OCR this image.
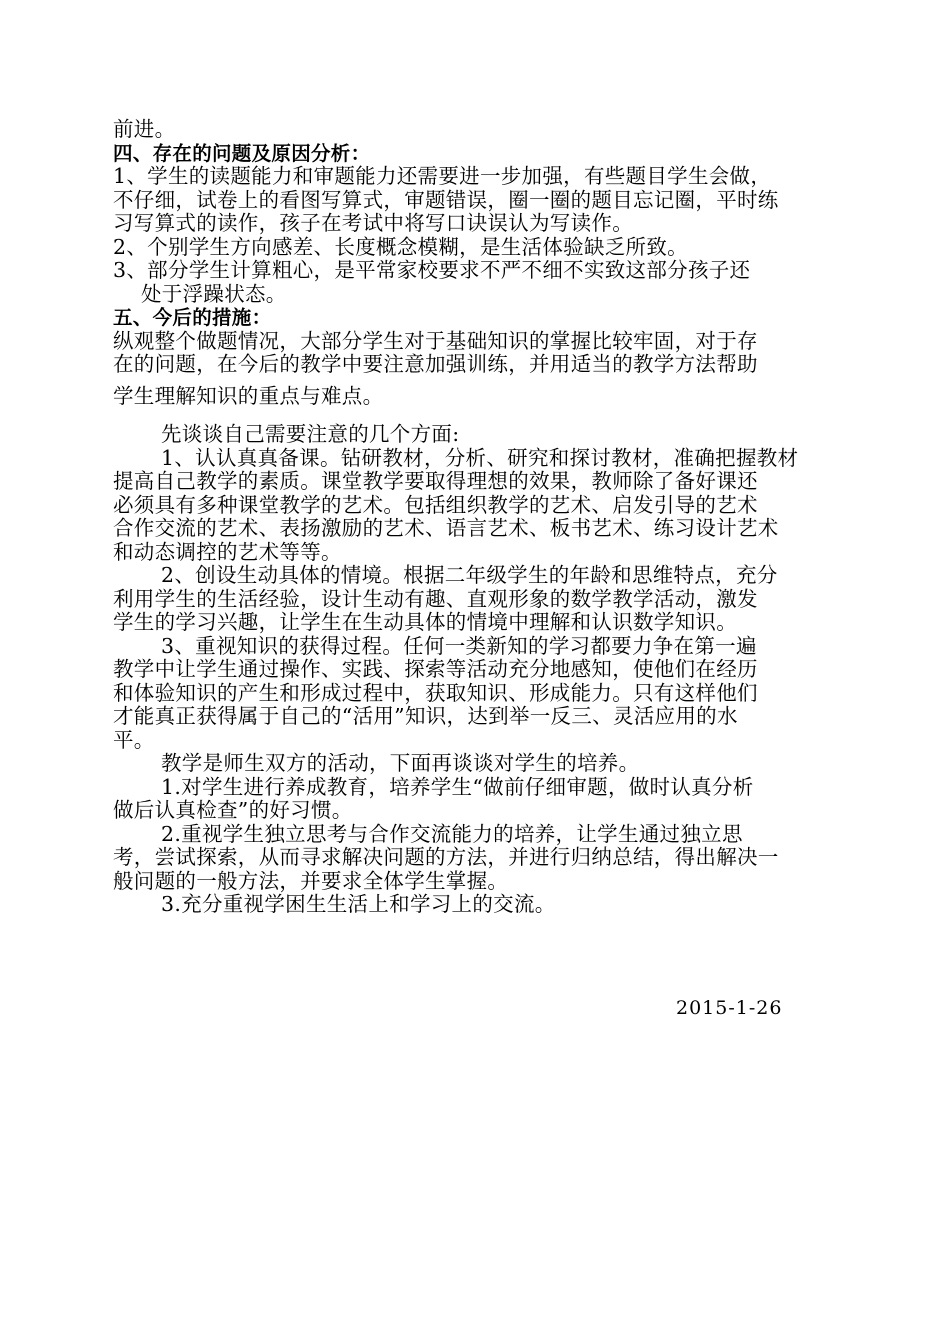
前进。
四、存在的问题及原因分析：
1、学生的读题能力和审题能力还需要进一步加强，有些题目学生会做，
不仔细，试卷上的看图写算式，审题错误，圈一圈的题目忘记圈，平时练
习写算式的读作，孩子在考试中将写口诀误认为写读作。
2、个别学生方向感差、长度概念模糊，是生活体验缺乏所致。
3、部分学生计算粗心，是平常家校要求不严不细不实致这部分孩子还
处于浮躁状态。
五、今后的措施：
纵观整个做题情况，大部分学生对于基础知识的掌握比较牢固，对于存
在的问题，在今后的教学中要注意加强训练，并用适当的教学方法帮助
学生理解知识的重点与难点。
先谈谈自己需要注意的几个方面:
1、认认真真备课。钻研教材，分析、研究和探讨教材，准确把握教材
提高自己教学的素质。课堂教学要取得理想的效果，教师除了备好课还
必须具有多种课堂教学的艺术。包括组织教学的艺术、启发引导的艺术
合作交流的艺术、表扬激励的艺术、语言艺术、板书艺术、练习设计艺术
和动态调控的艺术等等。
2、创设生动具体的情境。根据二年级学生的年龄和思维特点，充分
利用学生的生活经验，设计生动有趣、直观形象的数学教学活动，激发
学生的学习兴趣，让学生在生动具体的情境中理解和认识数学知识。
3、重视知识的获得过程。任何一类新知的学习都要力争在第一遍
教学中让学生通过操作、实践、探索等活动充分地感知，使他们在经历
和体验知识的产生和形成过程中，获取知识、形成能力。只有这样他们
才能真正获得属于自己的“活用”知识，达到举一反三、灵活应用的水
平。
教学是师生双方的活动，下面再谈谈对学生的培养。
1.对学生进行养成教育，培养学生“做前仔细审题，做时认真分析
做后认真检查”的好习惯。
2.重视学生独立思考与合作交流能力的培养，让学生通过独立思
考，尝试探索，从而寻求解决问题的方法，并进行归纳总结，得出解决一
般问题的一般方法，并要求全体学生掌握。
3.充分重视学困生生活上和学习上的交流。
2015-1-26
